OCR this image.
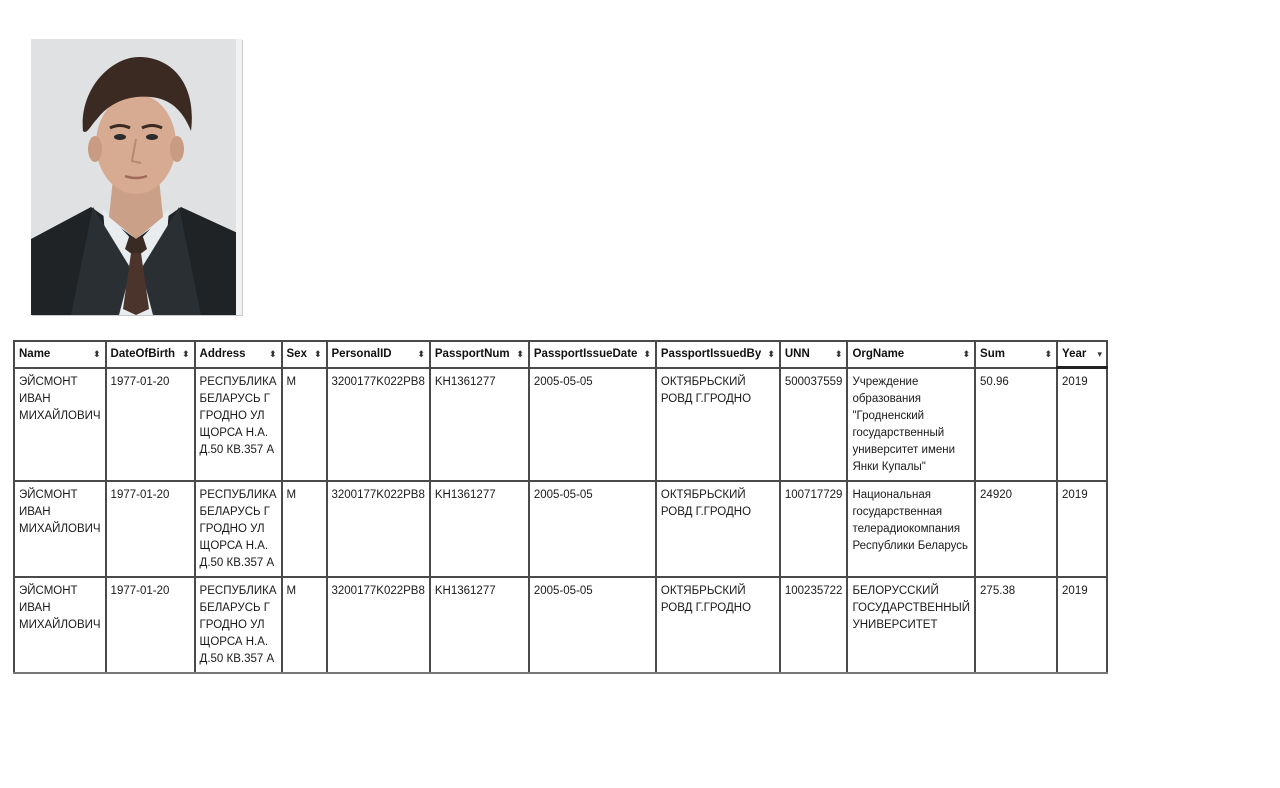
Name ⬍	DateOfBirth ⬍	Address ⬍	Sex ⬍	PersonalID ⬍	PassportNum ⬍	PassportIssueDate ⬍	PassportIssuedBy ⬍	UNN ⬍	OrgName ⬍	Sum ⬍	Year ▾

ЭЙСМОНТ ИВАН МИХАЙЛОВИЧ	1977-01-20	РЕСПУБЛИКА БЕЛАРУСЬ Г ГРОДНО УЛ ЩОРСА Н.А. Д.50 КВ.357 А	М	3200177K022PB8	KH1361277	2005-05-05	ОКТЯБРЬСКИЙ РОВД Г.ГРОДНО	500037559	Учреждение образования "Гродненский государственный университет имени Янки Купалы"	50.96	2019
ЭЙСМОНТ ИВАН МИХАЙЛОВИЧ	1977-01-20	РЕСПУБЛИКА БЕЛАРУСЬ Г ГРОДНО УЛ ЩОРСА Н.А. Д.50 КВ.357 А	М	3200177K022PB8	KH1361277	2005-05-05	ОКТЯБРЬСКИЙ РОВД Г.ГРОДНО	100717729	Национальная государственная телерадиокомпания Республики Беларусь	24920	2019
ЭЙСМОНТ ИВАН МИХАЙЛОВИЧ	1977-01-20	РЕСПУБЛИКА БЕЛАРУСЬ Г ГРОДНО УЛ ЩОРСА Н.А. Д.50 КВ.357 А	М	3200177K022PB8	KH1361277	2005-05-05	ОКТЯБРЬСКИЙ РОВД Г.ГРОДНО	100235722	БЕЛОРУССКИЙ ГОСУДАРСТВЕННЫЙ УНИВЕРСИТЕТ	275.38	2019
